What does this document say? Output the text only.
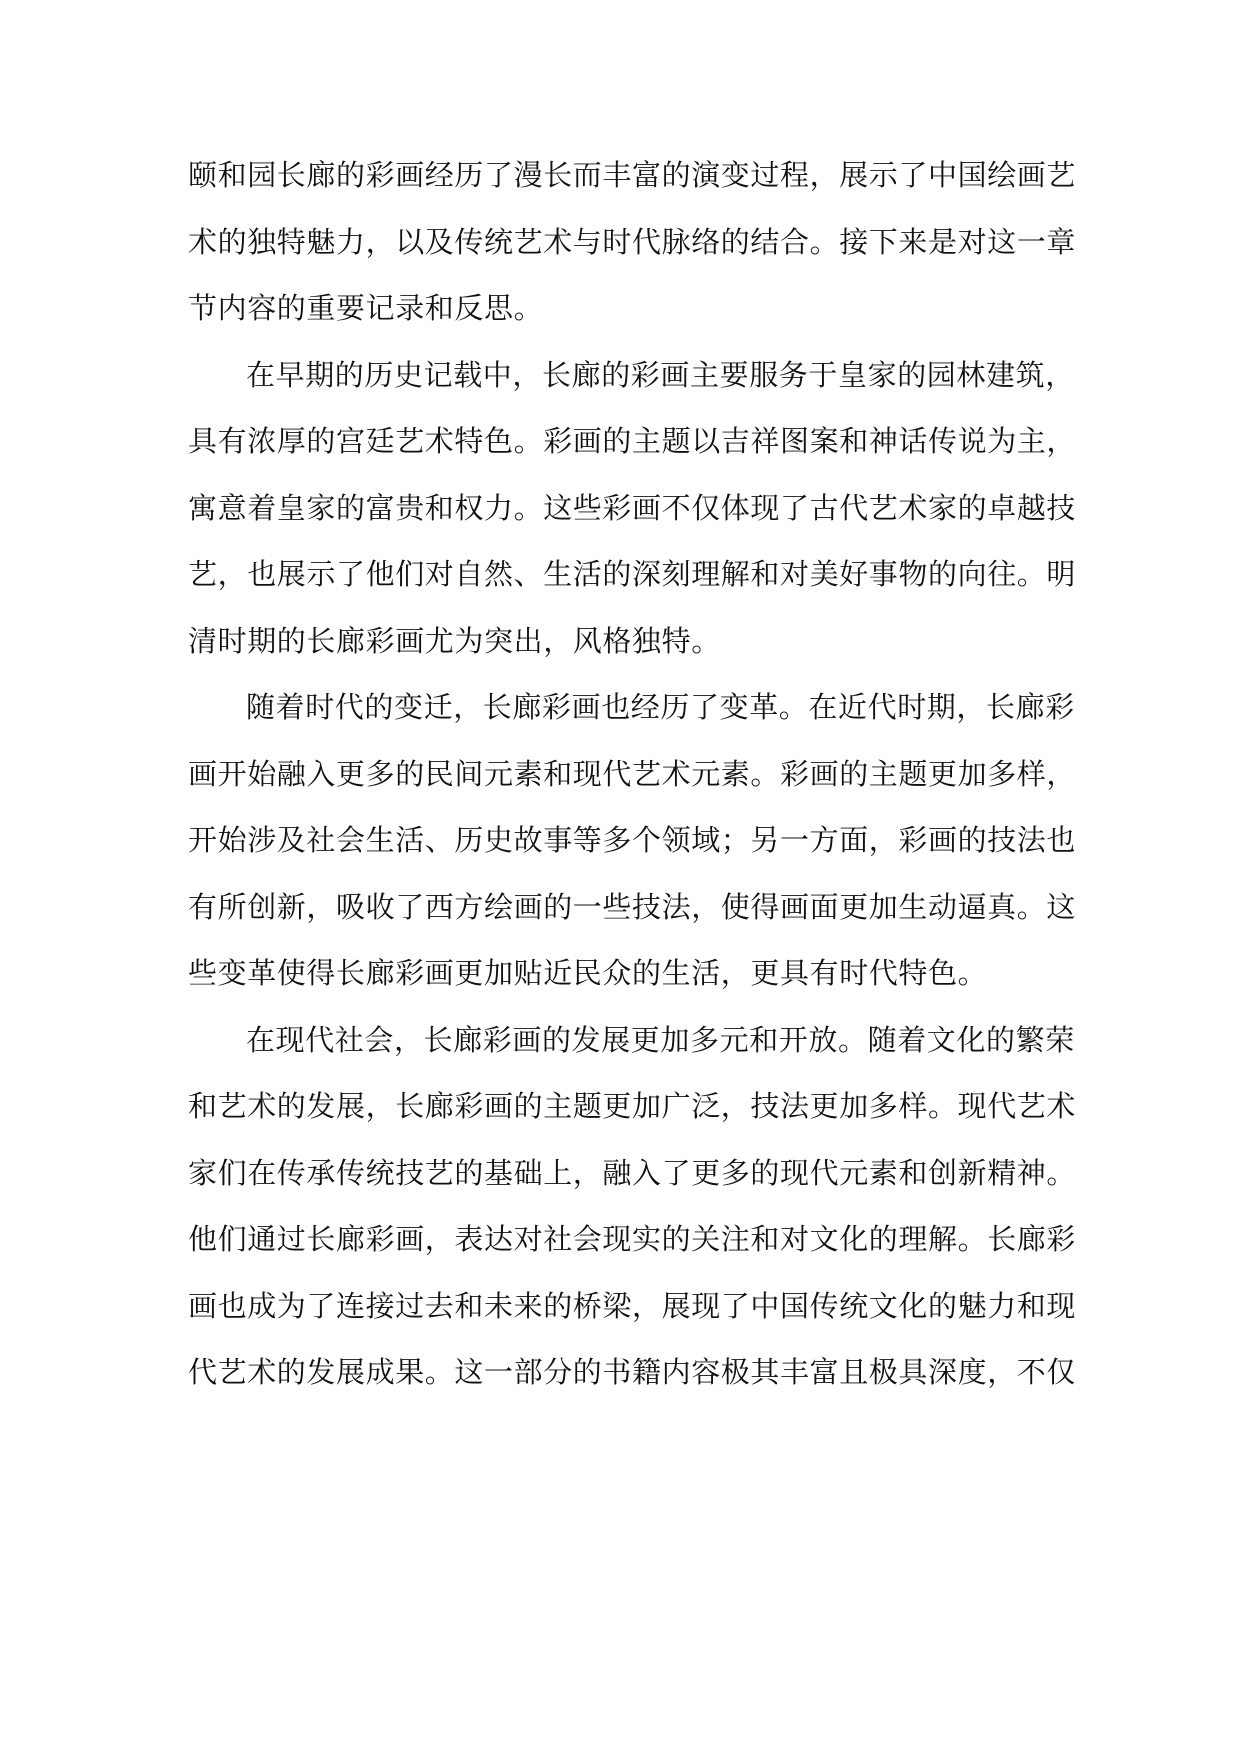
颐和园长廊的彩画经历了漫长而丰富的演变过程，展示了中国绘画艺
术的独特魅力，以及传统艺术与时代脉络的结合。接下来是对这一章
节内容的重要记录和反思。
在早期的历史记载中，长廊的彩画主要服务于皇家的园林建筑，
具有浓厚的宫廷艺术特色。彩画的主题以吉祥图案和神话传说为主，
寓意着皇家的富贵和权力。这些彩画不仅体现了古代艺术家的卓越技
艺，也展示了他们对自然、生活的深刻理解和对美好事物的向往。明
清时期的长廊彩画尤为突出，风格独特。
随着时代的变迁，长廊彩画也经历了变革。在近代时期，长廊彩
画开始融入更多的民间元素和现代艺术元素。彩画的主题更加多样，
开始涉及社会生活、历史故事等多个领域；另一方面，彩画的技法也
有所创新，吸收了西方绘画的一些技法，使得画面更加生动逼真。这
些变革使得长廊彩画更加贴近民众的生活，更具有时代特色。
在现代社会，长廊彩画的发展更加多元和开放。随着文化的繁荣
和艺术的发展，长廊彩画的主题更加广泛，技法更加多样。现代艺术
家们在传承传统技艺的基础上，融入了更多的现代元素和创新精神。
他们通过长廊彩画，表达对社会现实的关注和对文化的理解。长廊彩
画也成为了连接过去和未来的桥梁，展现了中国传统文化的魅力和现
代艺术的发展成果。这一部分的书籍内容极其丰富且极具深度，不仅
